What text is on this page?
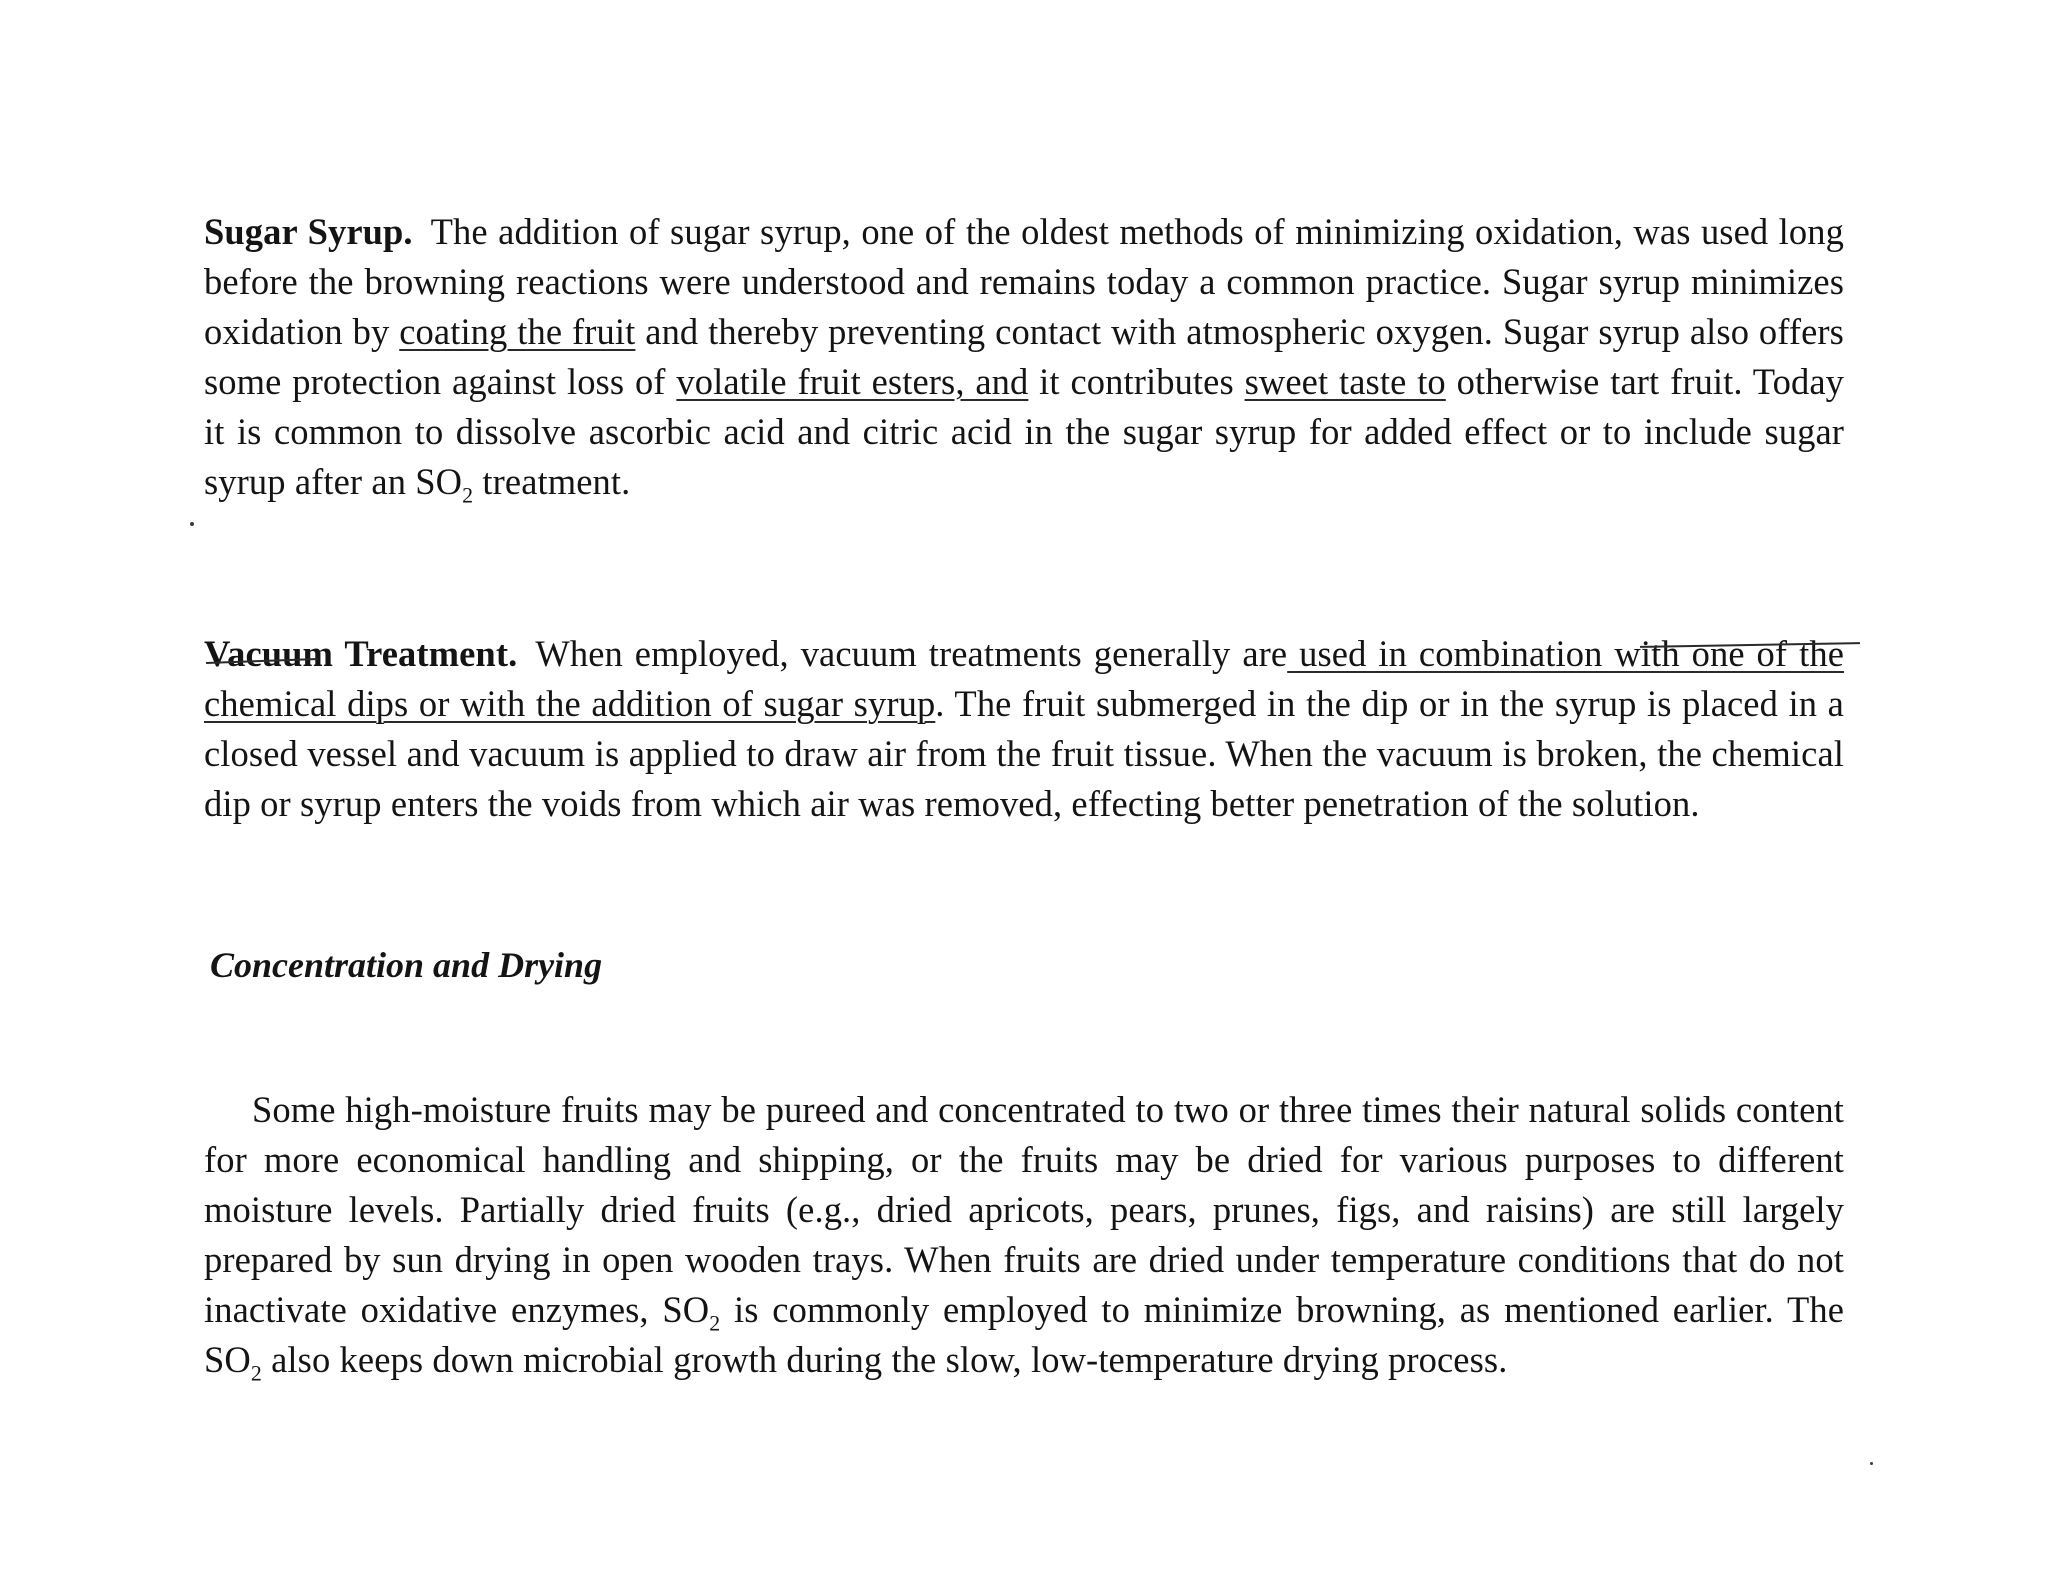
Sugar Syrup. The addition of sugar syrup, one of the oldest methods of minimizing oxidation, was used long before the browning reactions were understood and remains today a common practice. Sugar syrup minimizes oxidation by coating the fruit and thereby preventing contact with atmospheric oxygen. Sugar syrup also offers some protection against loss of volatile fruit esters, and it contributes sweet taste to otherwise tart fruit. Today it is common to dissolve ascorbic acid and citric acid in the sugar syrup for added effect or to include sugar syrup after an $SO_2$ treatment.

Vacuum Treatment. When employed, vacuum treatments generally are used in combination with one of the chemical dips or with the addition of sugar syrup. The fruit submerged in the dip or in the syrup is placed in a closed vessel and vacuum is applied to draw air from the fruit tissue. When the vacuum is broken, the chemical dip or syrup enters the voids from which air was removed, effecting better penetration of the solution.

Concentration and Drying

Some high-moisture fruits may be pureed and concentrated to two or three times their natural solids content for more economical handling and shipping, or the fruits may be dried for various purposes to different moisture levels. Partially dried fruits (e.g., dried apricots, pears, prunes, figs, and raisins) are still largely prepared by sun drying in open wooden trays. When fruits are dried under temperature conditions that do not inactivate oxidative enzymes, $SO_2$ is commonly employed to minimize browning, as mentioned earlier. The $SO_2$ also keeps down microbial growth during the slow, low-temperature drying process.
